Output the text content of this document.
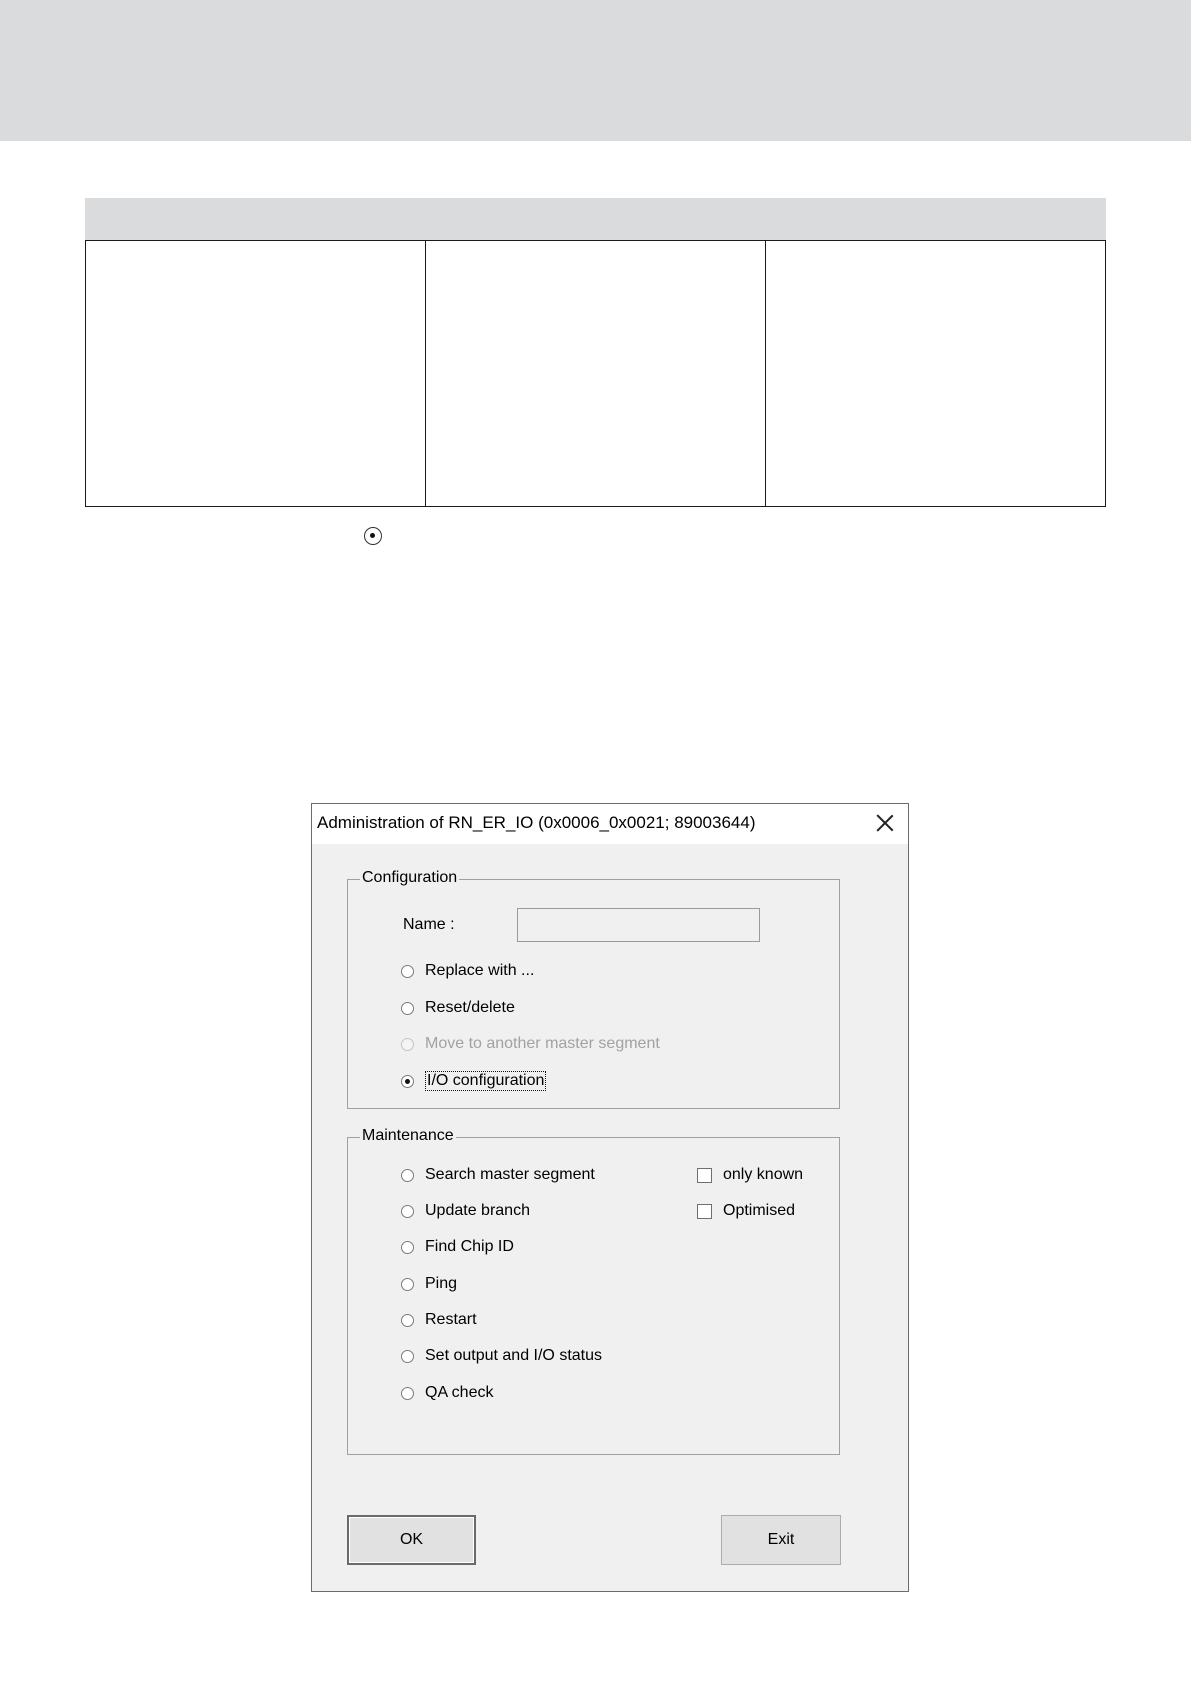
Administration of RN_ER_IO (0x0006_0x0021; 89003644)
Configuration
Name :
Replace with ...
Reset/delete
Move to another master segment
I/O configuration
Maintenance
Search master segment
Update branch
Find Chip ID
Ping
Restart
Set output and I/O status
QA check
only known
Optimised
OK	Exit
